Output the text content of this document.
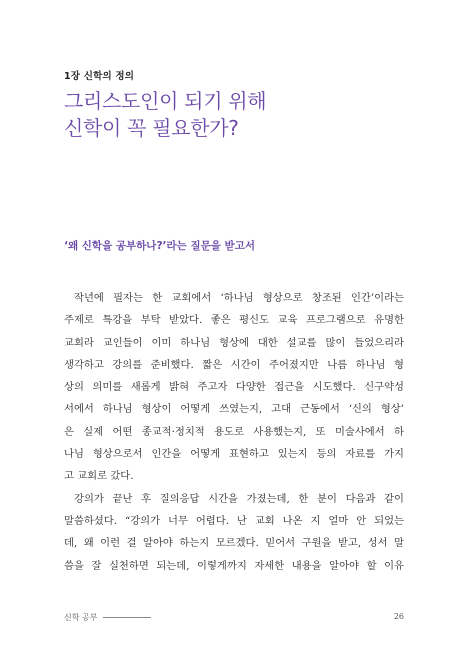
1장 신학의 정의
그리스도인이 되기 위해
신학이 꼭 필요한가?
‘왜 신학을 공부하나?’라는 질문을 받고서
작년에 필자는 한 교회에서 ‘하나님 형상으로 창조된 인간’이라는
주제로 특강을 부탁 받았다. 좋은 평신도 교육 프로그램으로 유명한
교회라 교인들이 이미 하나님 형상에 대한 설교를 많이 들었으리라
생각하고 강의를 준비했다. 짧은 시간이 주어졌지만 나름 하나님 형
상의 의미를 새롭게 밝혀 주고자 다양한 접근을 시도했다. 신구약성
서에서 하나님 형상이 어떻게 쓰였는지, 고대 근동에서 ‘신의 형상’
은 실제 어떤 종교적·정치적 용도로 사용했는지, 또 미술사에서 하
나님 형상으로서 인간을 어떻게 표현하고 있는지 등의 자료를 가지
고 교회로 갔다.
강의가 끝난 후 질의응답 시간을 가졌는데, 한 분이 다음과 같이
말씀하셨다. “강의가 너무 어렵다. 난 교회 나온 지 얼마 안 되었는
데, 왜 이런 걸 알아야 하는지 모르겠다. 믿어서 구원을 받고, 성서 말
씀을 잘 실천하면 되는데, 이렇게까지 자세한 내용을 알아야 할 이유
신학 공부	26
